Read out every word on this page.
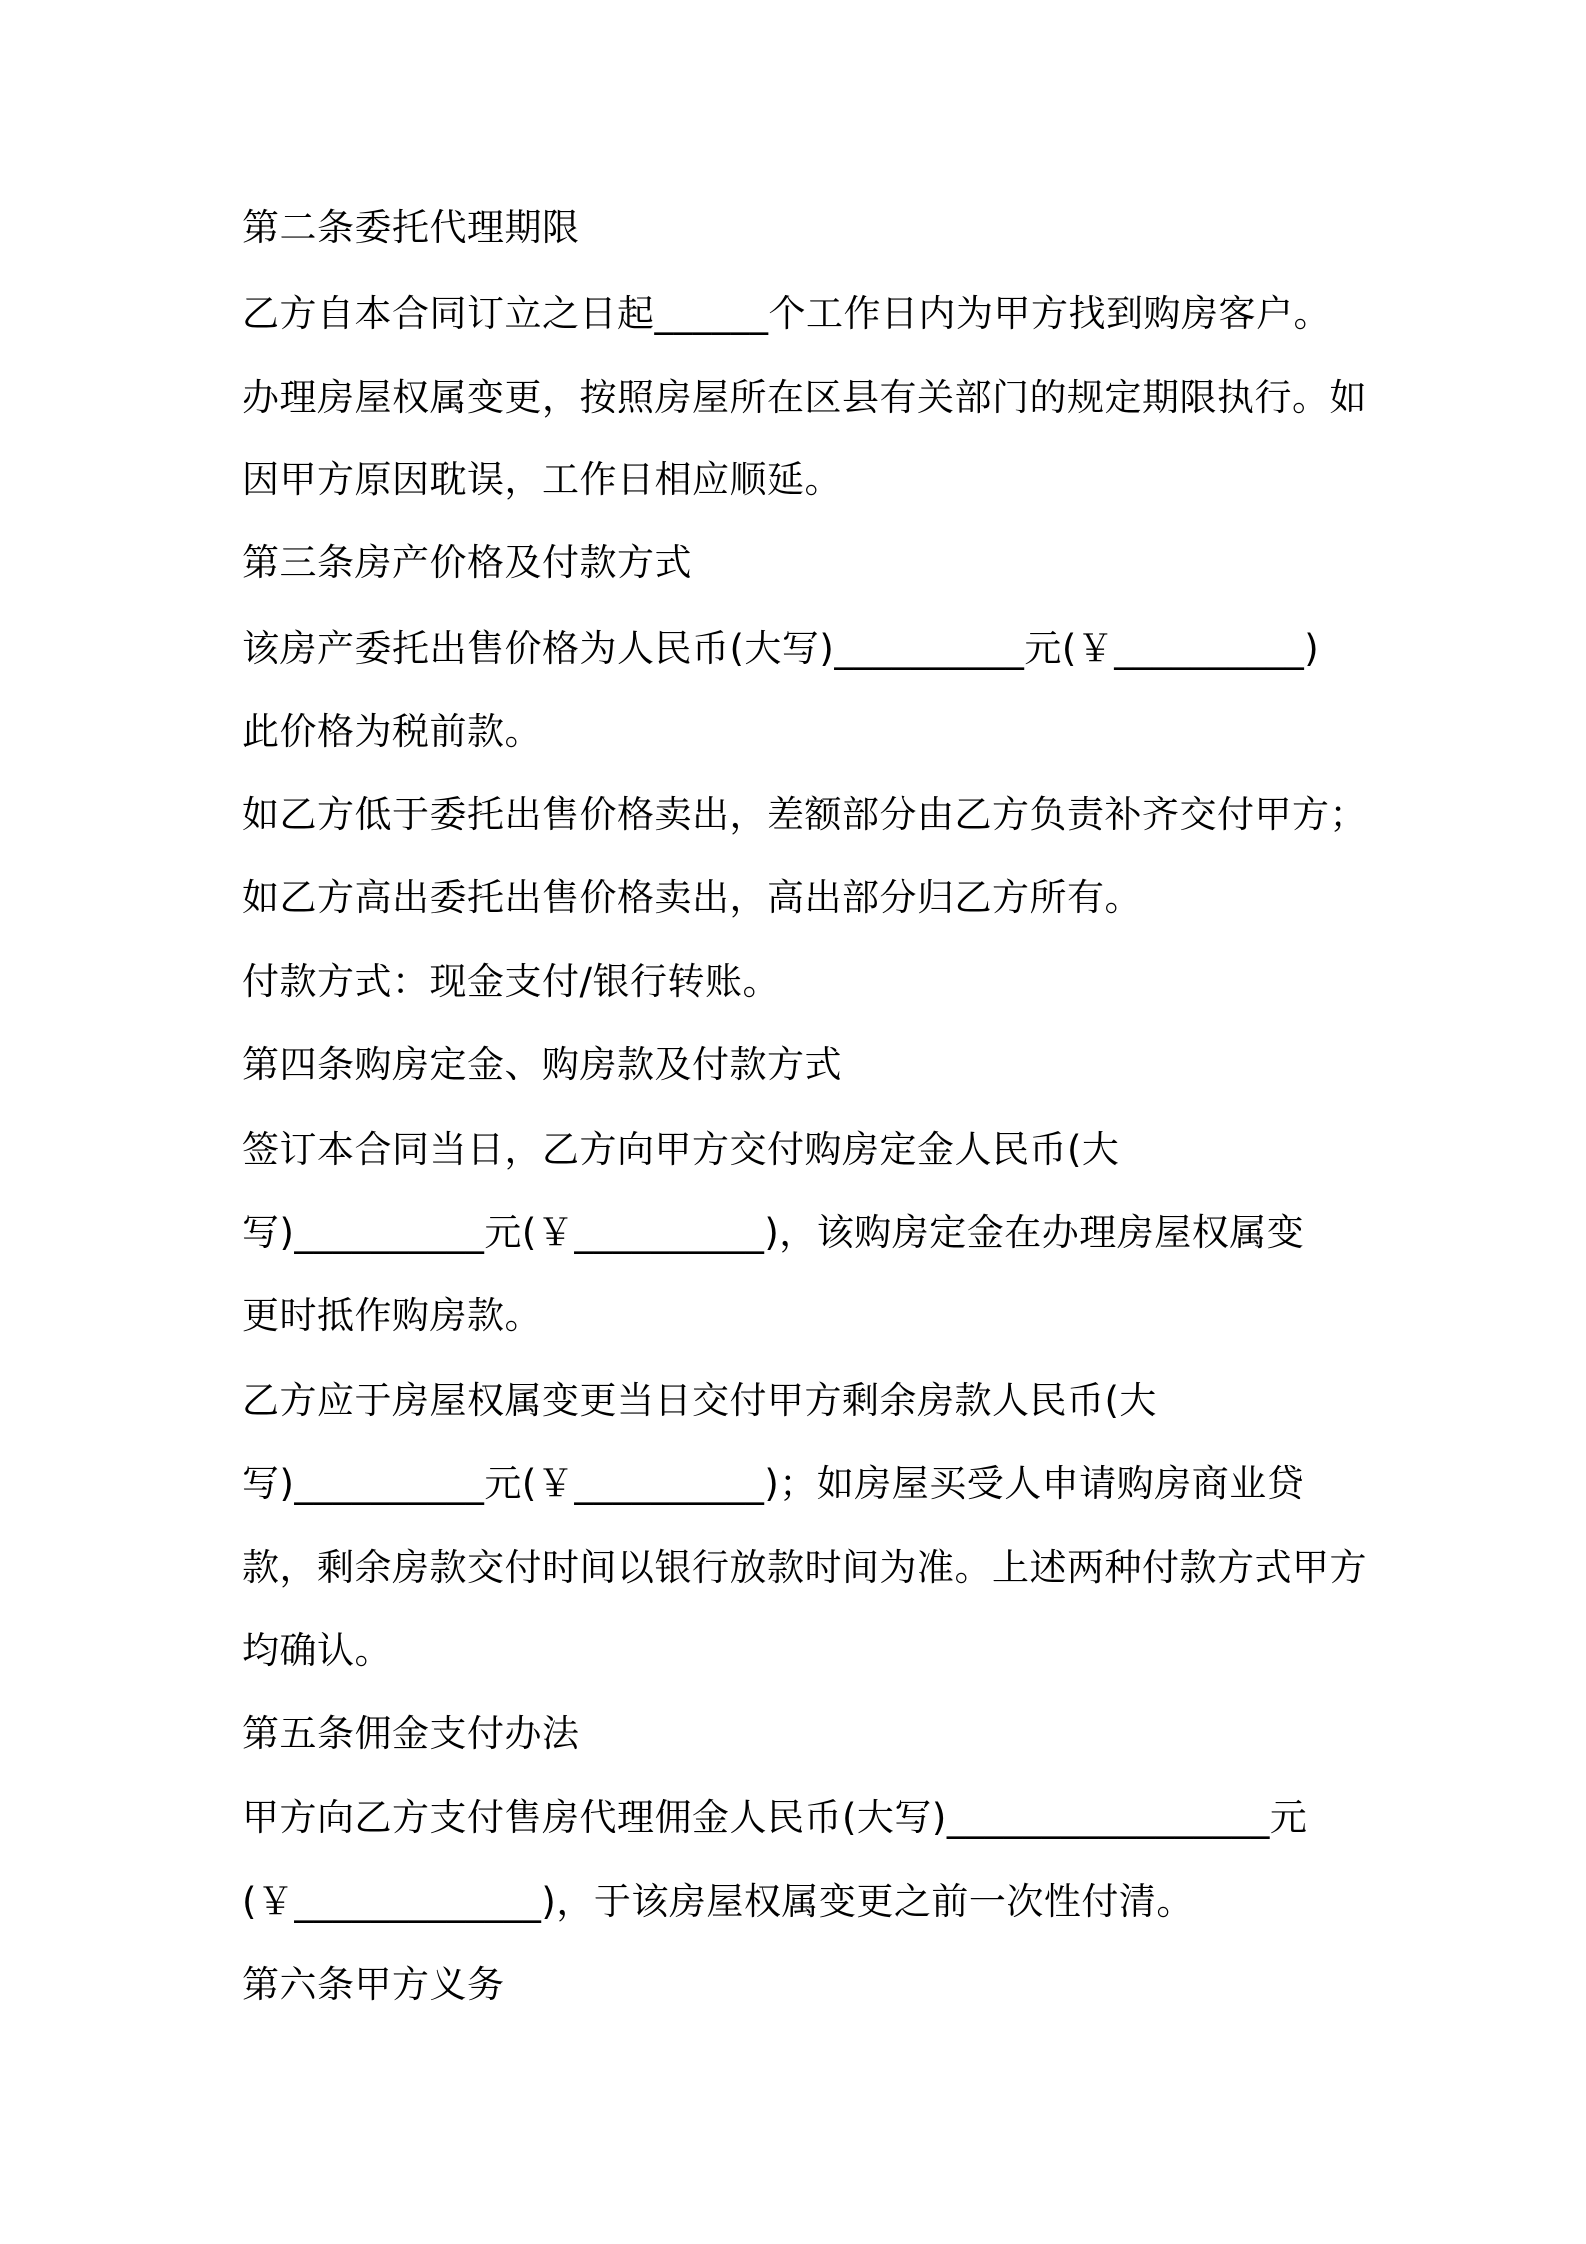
第二条委托代理期限
乙方自本合同订立之日起______个工作日内为甲方找到购房客户。
办理房屋权属变更，按照房屋所在区县有关部门的规定期限执行。如
因甲方原因耽误，工作日相应顺延。
第三条房产价格及付款方式
该房产委托出售价格为人民币(大写)__________元(￥__________)
此价格为税前款。
如乙方低于委托出售价格卖出，差额部分由乙方负责补齐交付甲方；
如乙方高出委托出售价格卖出，高出部分归乙方所有。
付款方式：现金支付/银行转账。
第四条购房定金、购房款及付款方式
签订本合同当日，乙方向甲方交付购房定金人民币(大
写)__________元(￥__________)，该购房定金在办理房屋权属变
更时抵作购房款。
乙方应于房屋权属变更当日交付甲方剩余房款人民币(大
写)__________元(￥__________)；如房屋买受人申请购房商业贷
款，剩余房款交付时间以银行放款时间为准。上述两种付款方式甲方
均确认。
第五条佣金支付办法
甲方向乙方支付售房代理佣金人民币(大写)_________________元
(￥_____________)，于该房屋权属变更之前一次性付清。
第六条甲方义务
